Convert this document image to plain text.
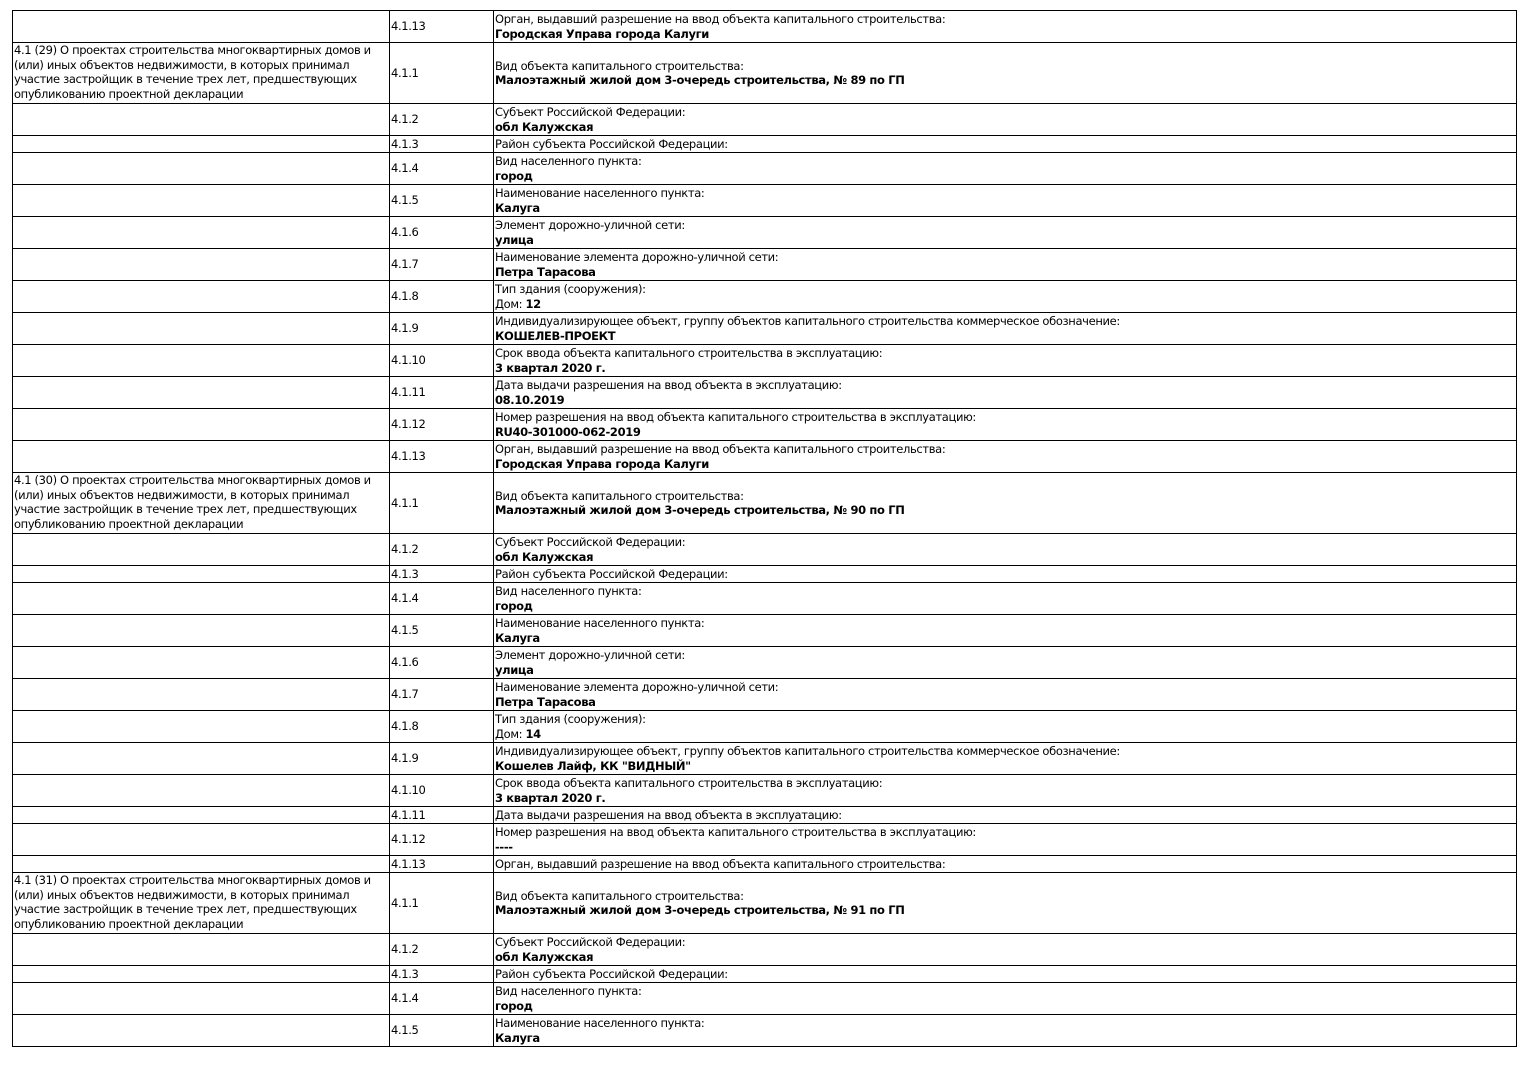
	4.1.13	Орган, выдавший разрешение на ввод объекта капитального строительства:
Городская Управа города Калуги

4.1 (29) О проектах строительства многоквартирных домов и (или) иных объектов недвижимости, в которых принимал участие застройщик в течение трех лет, предшествующих опубликованию проектной декларации	4.1.1	Вид объекта капитального строительства:
Малоэтажный жилой дом 3-очередь строительства, № 89 по ГП

	4.1.2	Субъект Российской Федерации:
обл Калужская

	4.1.3	Район субъекта Российской Федерации:

	4.1.4	Вид населенного пункта:
город

	4.1.5	Наименование населенного пункта:
Калуга

	4.1.6	Элемент дорожно-уличной сети:
улица

	4.1.7	Наименование элемента дорожно-уличной сети:
Петра Тарасова

	4.1.8	Тип здания (сооружения):
Дом: 12

	4.1.9	Индивидуализирующее объект, группу объектов капитального строительства коммерческое обозначение:
КОШЕЛЕВ-ПРОЕКТ

	4.1.10	Срок ввода объекта капитального строительства в эксплуатацию:
3 квартал 2020 г.

	4.1.11	Дата выдачи разрешения на ввод объекта в эксплуатацию:
08.10.2019

	4.1.12	Номер разрешения на ввод объекта капитального строительства в эксплуатацию:
RU40-301000-062-2019

	4.1.13	Орган, выдавший разрешение на ввод объекта капитального строительства:
Городская Управа города Калуги

4.1 (30) О проектах строительства многоквартирных домов и (или) иных объектов недвижимости, в которых принимал участие застройщик в течение трех лет, предшествующих опубликованию проектной декларации	4.1.1	Вид объекта капитального строительства:
Малоэтажный жилой дом 3-очередь строительства, № 90 по ГП

	4.1.2	Субъект Российской Федерации:
обл Калужская

	4.1.3	Район субъекта Российской Федерации:

	4.1.4	Вид населенного пункта:
город

	4.1.5	Наименование населенного пункта:
Калуга

	4.1.6	Элемент дорожно-уличной сети:
улица

	4.1.7	Наименование элемента дорожно-уличной сети:
Петра Тарасова

	4.1.8	Тип здания (сооружения):
Дом: 14

	4.1.9	Индивидуализирующее объект, группу объектов капитального строительства коммерческое обозначение:
Кошелев Лайф, КК "ВИДНЫЙ"

	4.1.10	Срок ввода объекта капитального строительства в эксплуатацию:
3 квартал 2020 г.

	4.1.11	Дата выдачи разрешения на ввод объекта в эксплуатацию:

	4.1.12	Номер разрешения на ввод объекта капитального строительства в эксплуатацию:
----

	4.1.13	Орган, выдавший разрешение на ввод объекта капитального строительства:

4.1 (31) О проектах строительства многоквартирных домов и (или) иных объектов недвижимости, в которых принимал участие застройщик в течение трех лет, предшествующих опубликованию проектной декларации	4.1.1	Вид объекта капитального строительства:
Малоэтажный жилой дом 3-очередь строительства, № 91 по ГП

	4.1.2	Субъект Российской Федерации:
обл Калужская

	4.1.3	Район субъекта Российской Федерации:

	4.1.4	Вид населенного пункта:
город

	4.1.5	Наименование населенного пункта:
Калуга
